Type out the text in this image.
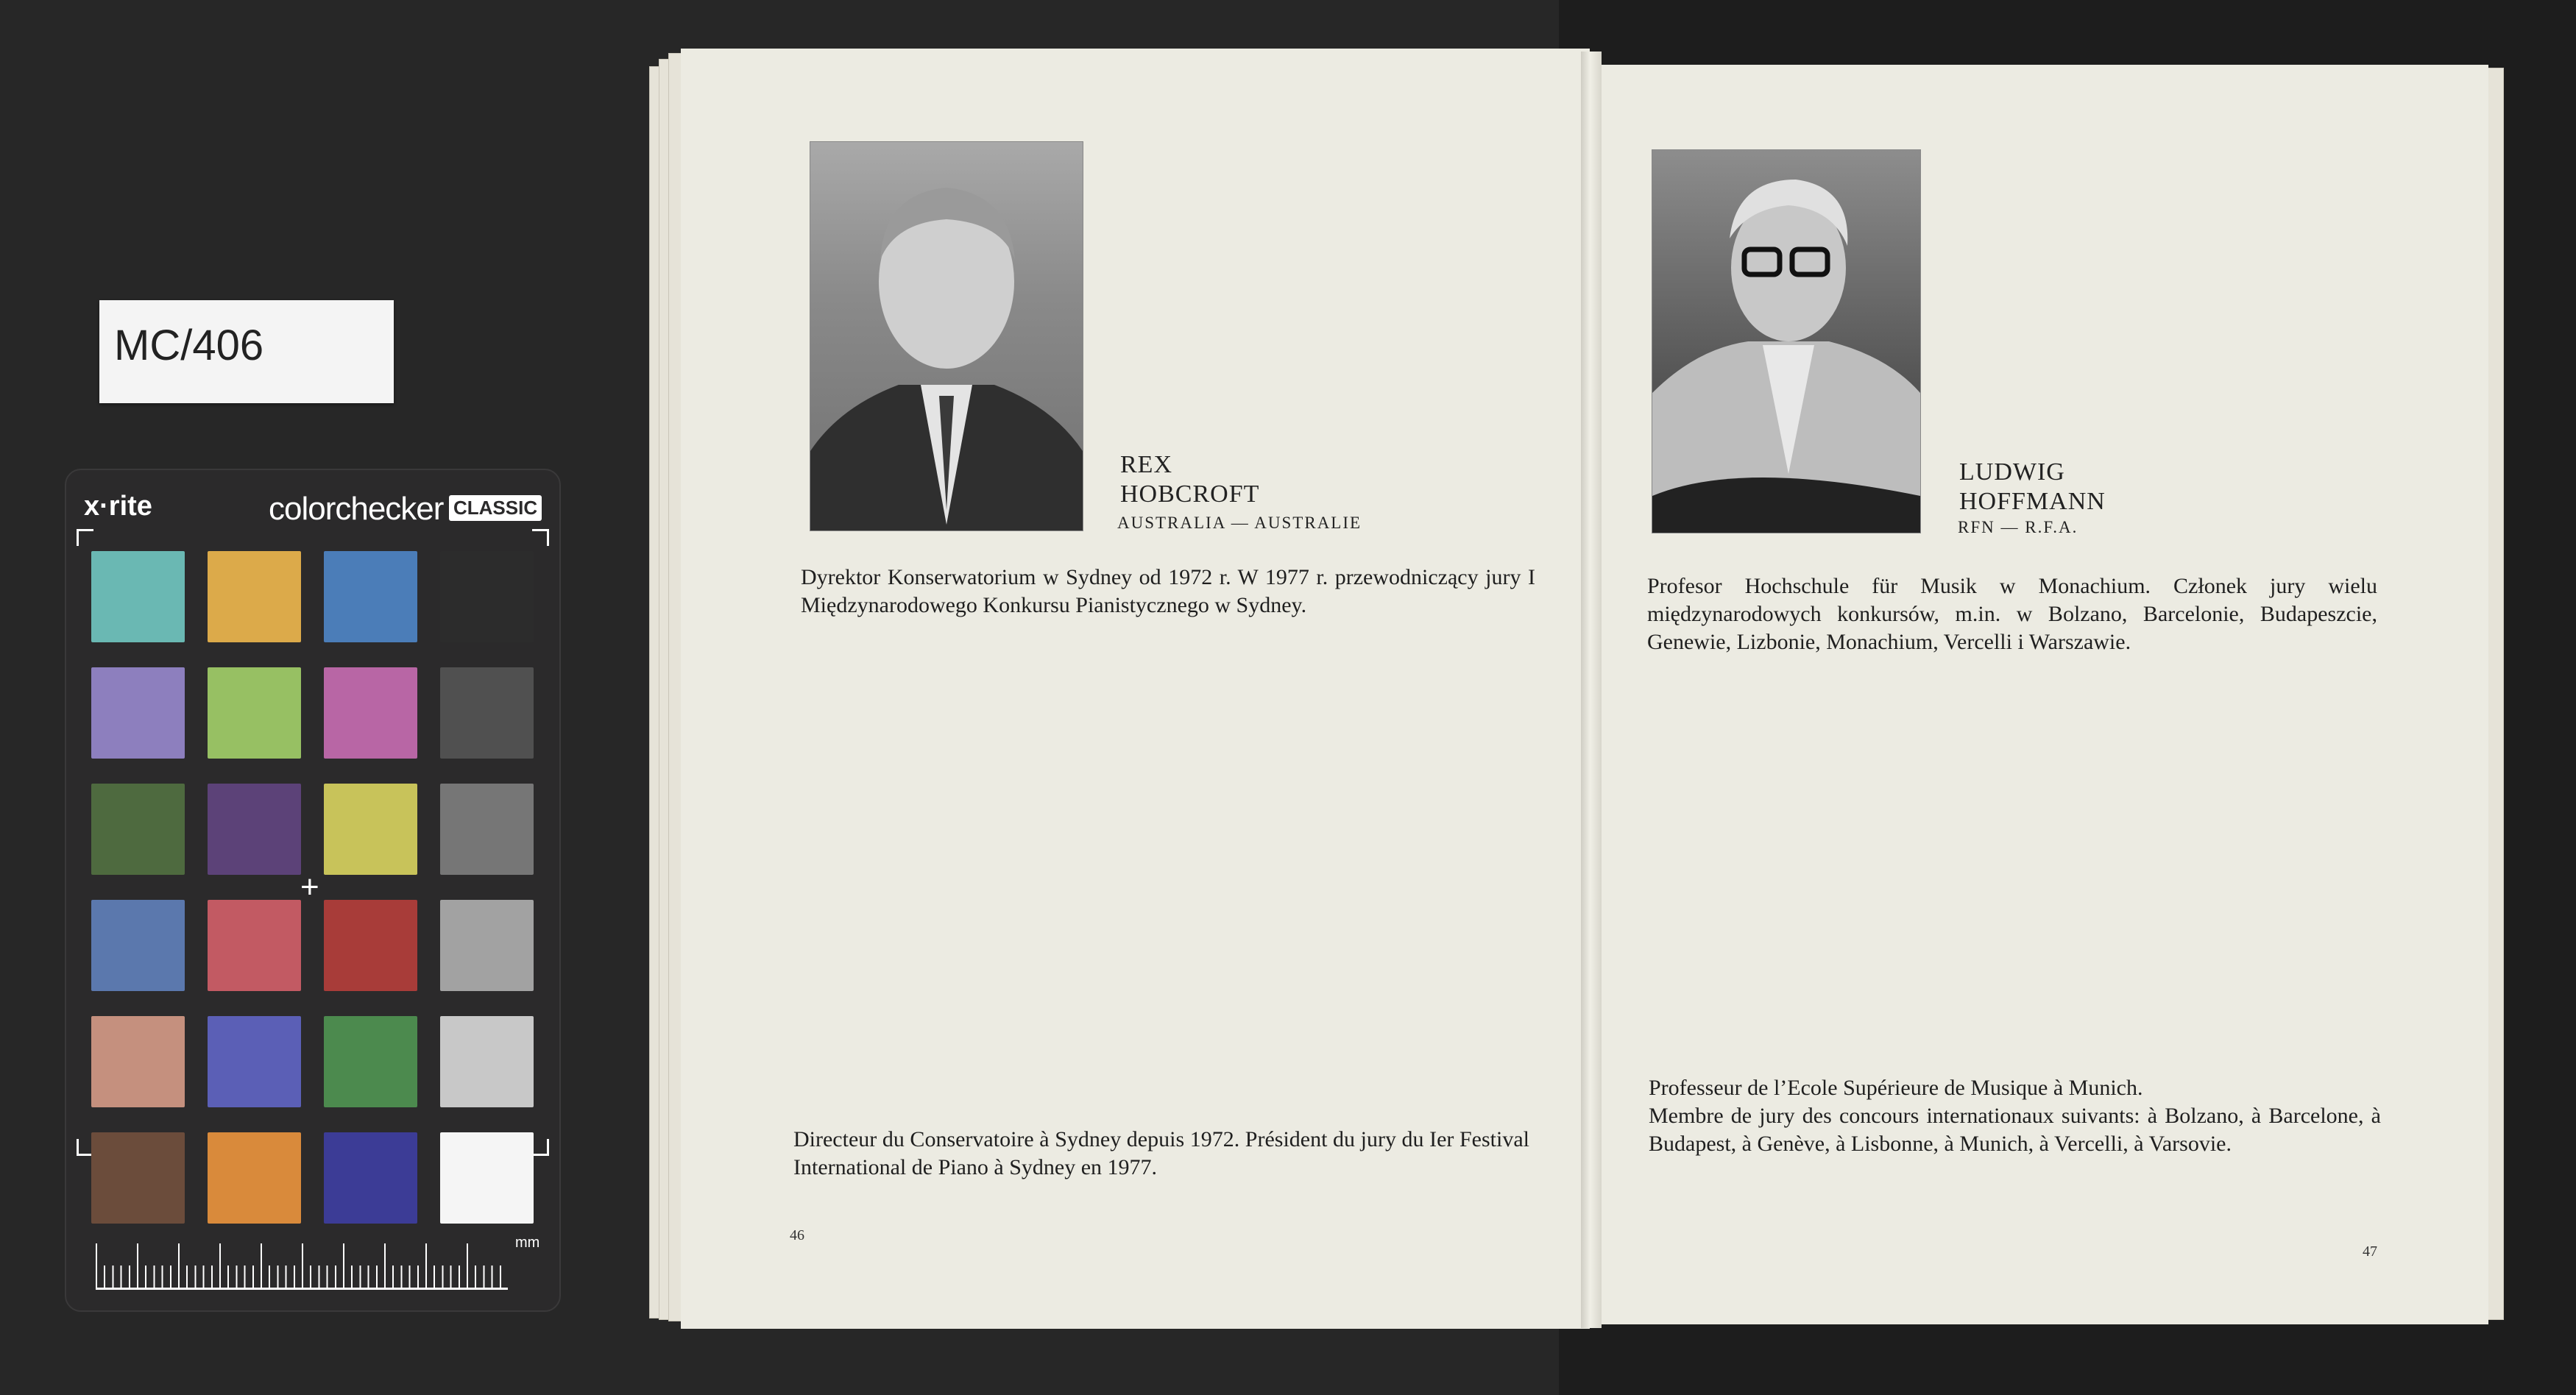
MC/406
x·rite	colorchecker CLASSIC
+
mm
REX
HOBCROFT
AUSTRALIA — AUSTRALIE

Dyrektor Konserwatorium w Sydney od 1972 r. W 1977 r. przewodniczący jury I Międzynarodowego Konkursu Pianistycznego w Sydney.

Directeur du Conservatoire à Sydney depuis 1972. Président du jury du Ier Festival International de Piano à Sydney en 1977.

46
LUDWIG
HOFFMANN
RFN — R.F.A.

Profesor Hochschule für Musik w Monachium. Członek jury wielu międzynarodowych konkursów, m.in. w Bolzano, Barcelonie, Budapeszcie, Genewie, Lizbonie, Monachium, Vercelli i Warszawie.

Professeur de l’Ecole Supérieure de Musique à Munich.

Membre de jury des concours internationaux suivants: à Bolzano, à Barcelone, à Budapest, à Genève, à Lisbonne, à Munich, à Vercelli, à Varsovie.

47
